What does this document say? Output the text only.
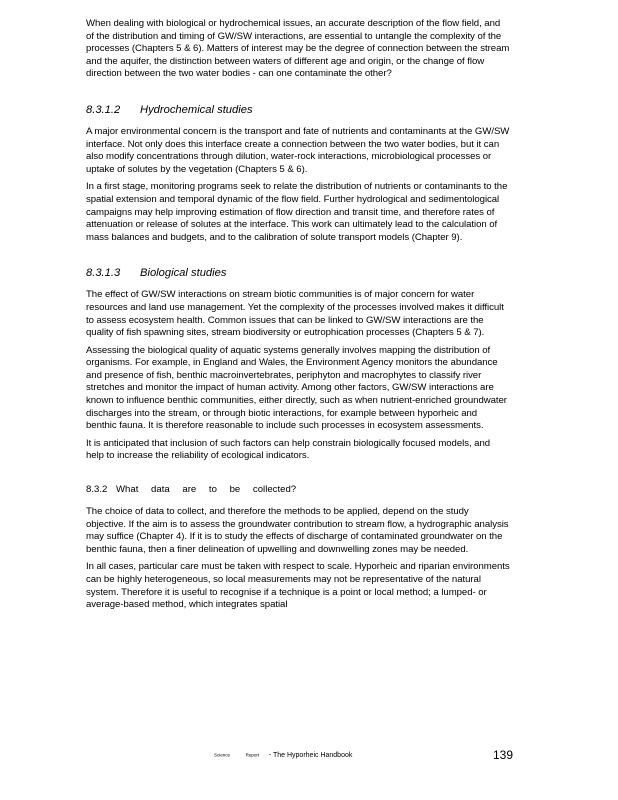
When dealing with biological or hydrochemical issues, an accurate description of the flow field, and of the distribution and timing of GW/SW interactions, are essential to untangle the complexity of the processes (Chapters 5 & 6). Matters of interest may be the degree of connection between the stream and the aquifer, the distinction between waters of different age and origin, or the change of flow direction between the two water bodies - can one contaminate the other?

8.3.1.2 Hydrochemical studies

A major environmental concern is the transport and fate of nutrients and contaminants at the GW/SW interface. Not only does this interface create a connection between the two water bodies, but it can also modify concentrations through dilution, water-rock interactions, microbiological processes or uptake of solutes by the vegetation (Chapters 5 & 6).

In a first stage, monitoring programs seek to relate the distribution of nutrients or contaminants to the spatial extension and temporal dynamic of the flow field. Further hydrological and sedimentological campaigns may help improving estimation of flow direction and transit time, and therefore rates of attenuation or release of solutes at the interface. This work can ultimately lead to the calculation of mass balances and budgets, and to the calibration of solute transport models (Chapter 9).

8.3.1.3 Biological studies

The effect of GW/SW interactions on stream biotic communities is of major concern for water resources and land use management. Yet the complexity of the processes involved makes it difficult to assess ecosystem health. Common issues that can be linked to GW/SW interactions are the quality of fish spawning sites, stream biodiversity or eutrophication processes (Chapters 5 & 7).

Assessing the biological quality of aquatic systems generally involves mapping the distribution of organisms. For example, in England and Wales, the Environment Agency monitors the abundance and presence of fish, benthic macroinvertebrates, periphyton and macrophytes to classify river stretches and monitor the impact of human activity. Among other factors, GW/SW interactions are known to influence benthic communities, either directly, such as when nutrient-enriched groundwater discharges into the stream, or through biotic interactions, for example between hyporheic and benthic fauna. It is therefore reasonable to include such processes in ecosystem assessments.

It is anticipated that inclusion of such factors can help constrain biologically focused models, and help to increase the reliability of ecological indicators.

8.3.2 What data are to be collected?

The choice of data to collect, and therefore the methods to be applied, depend on the study objective. If the aim is to assess the groundwater contribution to stream flow, a hydrographic analysis may suffice (Chapter 4). If it is to study the effects of discharge of contaminated groundwater on the benthic fauna, then a finer delineation of upwelling and downwelling zones may be needed.

In all cases, particular care must be taken with respect to scale. Hyporheic and riparian environments can be highly heterogeneous, so local measurements may not be representative of the natural system. Therefore it is useful to recognise if a technique is a point or local method; a lumped- or average-based method, which integrates spatial

Science	Report - The Hyporheic Handbook	139
